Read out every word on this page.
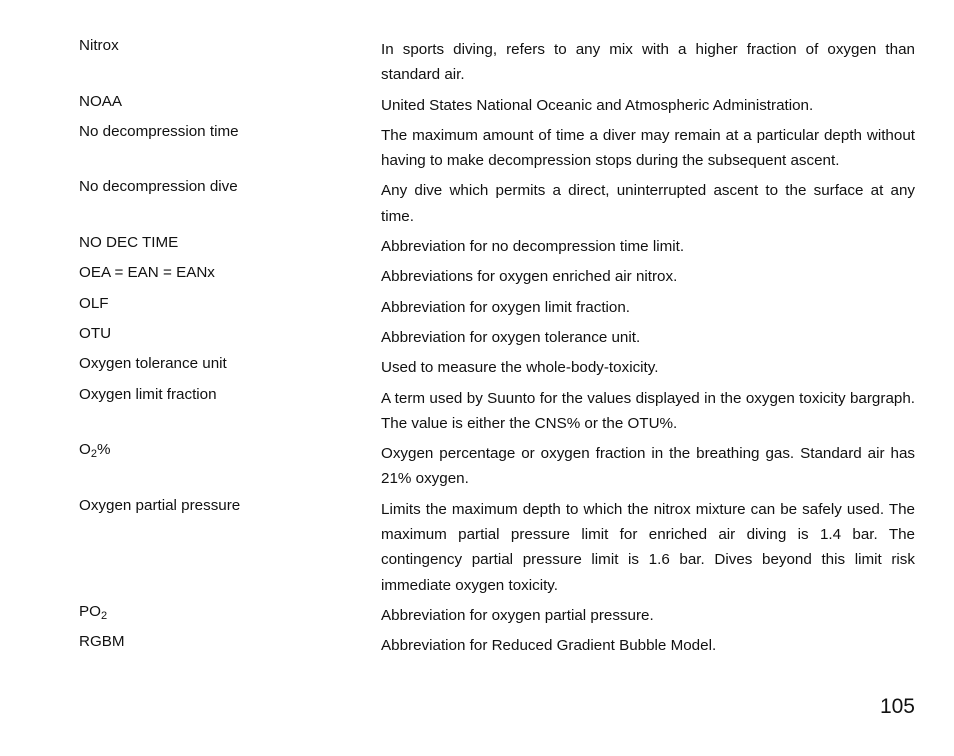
Nitrox	In sports diving, refers to any mix with a higher fraction of oxygen than standard air.
NOAA	United States National Oceanic and Atmospheric Administration.
No decompression time	The maximum amount of time a diver may remain at a particular depth without having to make decompression stops during the subsequent ascent.
No decompression dive	Any dive which permits a direct, uninterrupted ascent to the surface at any time.
NO DEC TIME	Abbreviation for no decompression time limit.
OEA = EAN = EANx	Abbreviations for oxygen enriched air nitrox.
OLF	Abbreviation for oxygen limit fraction.
OTU	Abbreviation for oxygen tolerance unit.
Oxygen tolerance unit	Used to measure the whole-body-toxicity.
Oxygen limit fraction	A term used by Suunto for the values displayed in the oxygen toxicity bargraph. The value is either the CNS% or the OTU%.
$O_2\%$	Oxygen percentage or oxygen fraction in the breathing gas. Standard air has 21% oxygen.
Oxygen partial pressure	Limits the maximum depth to which the nitrox mixture can be safely used. The maximum partial pressure limit for enriched air diving is 1.4 bar. The contingency partial pressure limit is 1.6 bar. Dives beyond this limit risk immediate oxygen toxicity.
$PO_2$	Abbreviation for oxygen partial pressure.
RGBM	Abbreviation for Reduced Gradient Bubble Model.
105
